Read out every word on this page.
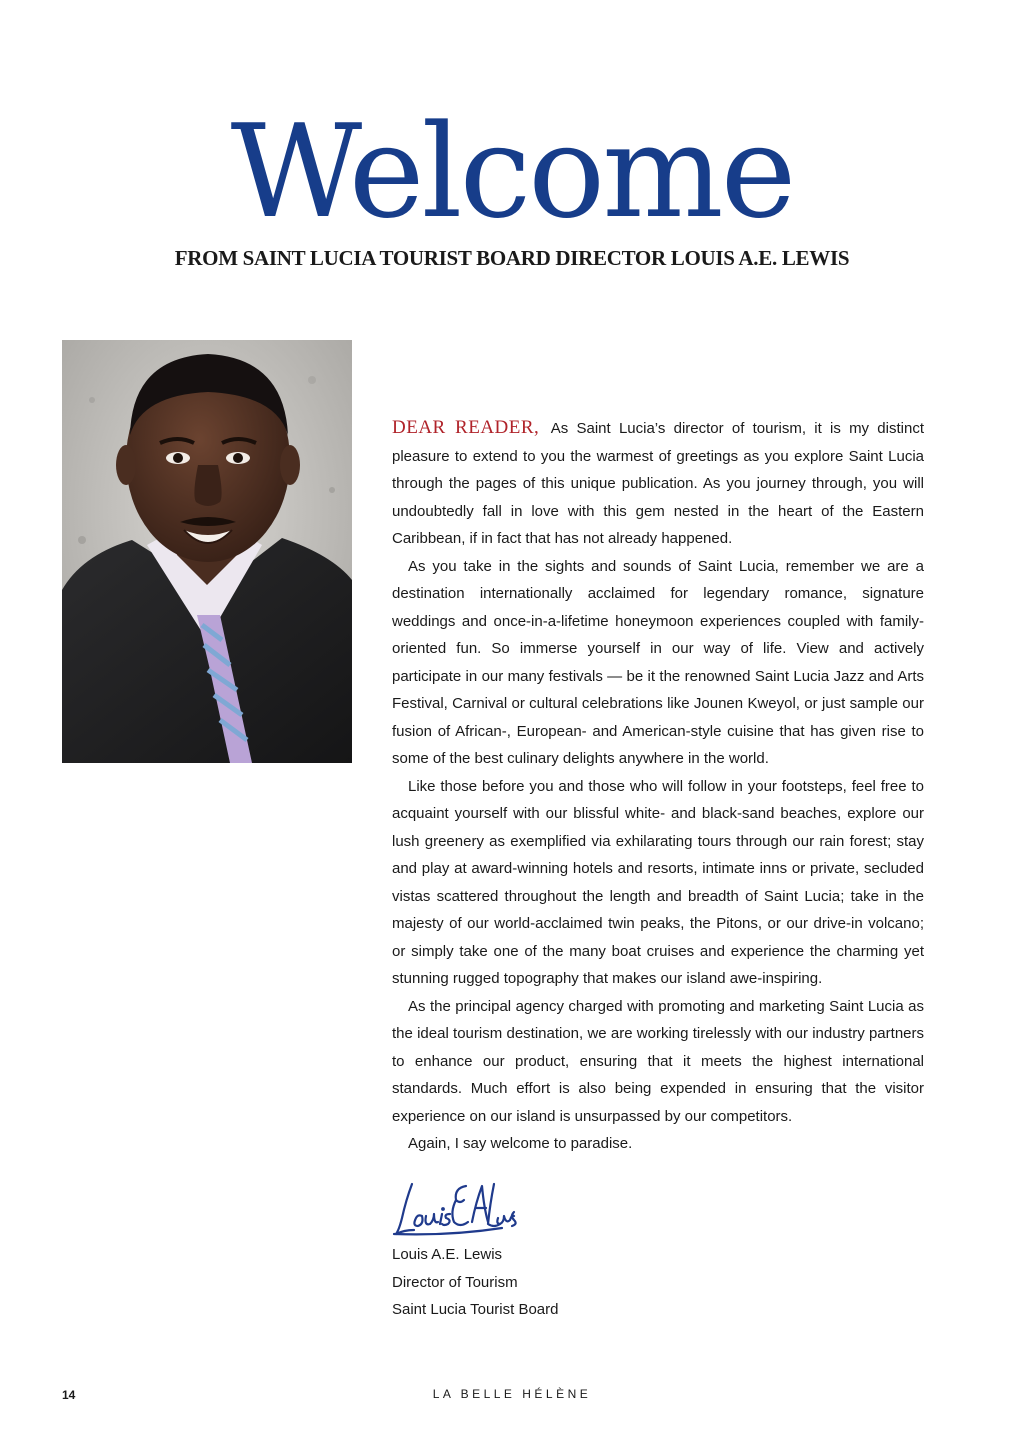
Welcome
FROM SAINT LUCIA TOURIST BOARD DIRECTOR LOUIS A.E. LEWIS

DEAR READER, As Saint Lucia’s director of tourism, it is my distinct pleasure to extend to you the warmest of greetings as you explore Saint Lucia through the pages of this unique publication. As you journey through, you will undoubtedly fall in love with this gem nested in the heart of the Eastern Caribbean, if in fact that has not already happened.

As you take in the sights and sounds of Saint Lucia, remember we are a destination internationally acclaimed for legendary romance, signature weddings and once-in-a-lifetime honeymoon experiences coupled with family-oriented fun. So immerse yourself in our way of life. View and actively participate in our many festivals — be it the renowned Saint Lucia Jazz and Arts Festival, Carnival or cultural celebrations like Jounen Kweyol, or just sample our fusion of African-, European- and American-style cuisine that has given rise to some of the best culinary delights anywhere in the world.

Like those before you and those who will follow in your footsteps, feel free to acquaint yourself with our blissful white- and black-sand beaches, explore our lush greenery as exemplified via exhilarating tours through our rain forest; stay and play at award-winning hotels and resorts, intimate inns or private, secluded vistas scattered throughout the length and breadth of Saint Lucia; take in the majesty of our world-acclaimed twin peaks, the Pitons, or our drive-in volcano; or simply take one of the many boat cruises and experience the charming yet stunning rugged topography that makes our island awe-inspiring.

As the principal agency charged with promoting and marketing Saint Lucia as the ideal tourism destination, we are working tirelessly with our industry partners to enhance our product, ensuring that it meets the highest international standards. Much effort is also being expended in ensuring that the visitor experience on our island is unsurpassed by our competitors.

Again, I say welcome to paradise.

Louis A.E. Lewis
Director of Tourism
Saint Lucia Tourist Board
14	LA BELLE HÉLÈNE
